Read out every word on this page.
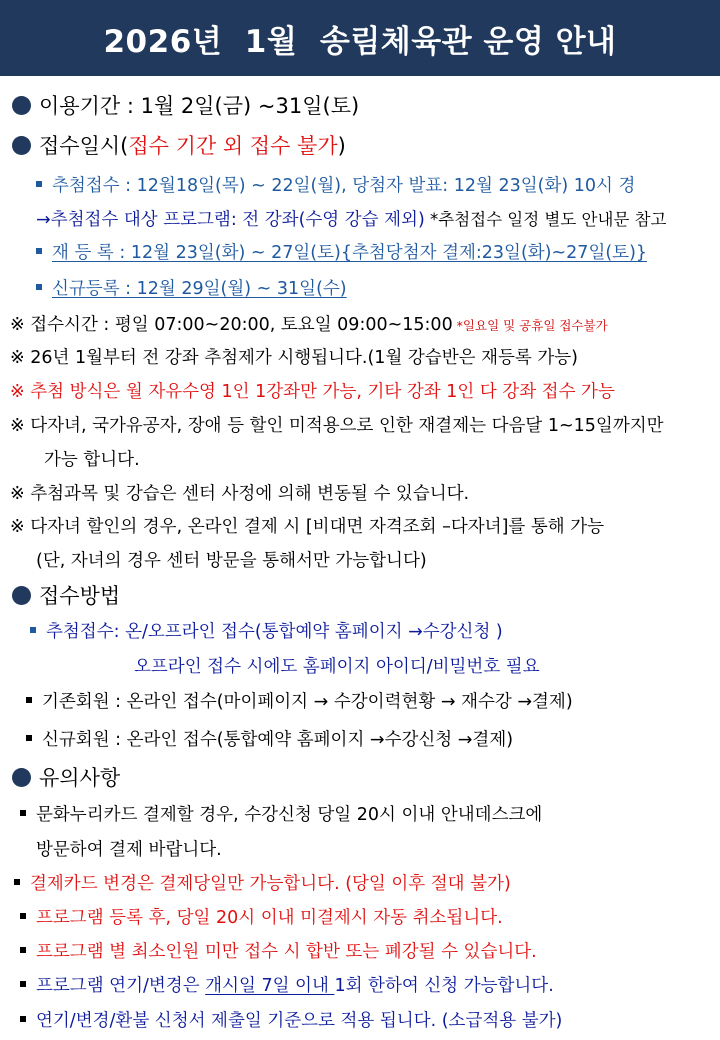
2026년  1월  송림체육관 운영 안내
이용기간 : 1월 2일(금) ~31일(토)
접수일시(접수 기간 외 접수 불가)
추첨접수 : 12월18일(목) ~ 22일(월), 당첨자 발표: 12월 23일(화) 10시 경
→추첨접수 대상 프로그램: 전 강좌(수영 강습 제외) *추첨접수 일정 별도 안내문 참고
재 등 록 : 12월 23일(화) ~ 27일(토){추첨당첨자 결제:23일(화)~27일(토)}
신규등록 : 12월 29일(월) ~ 31일(수)
※ 접수시간 : 평일 07:00~20:00, 토요일 09:00~15:00 *일요일 및 공휴일 접수불가
※ 26년 1월부터 전 강좌 추첨제가 시행됩니다.(1월 강습반은 재등록 가능)
※ 추첨 방식은 월 자유수영 1인 1강좌만 가능, 기타 강좌 1인 다 강좌 접수 가능
※ 다자녀, 국가유공자, 장애 등 할인 미적용으로 인한 재결제는 다음달 1~15일까지만
가능 합니다.
※ 추첨과목 및 강습은 센터 사정에 의해 변동될 수 있습니다.
※ 다자녀 할인의 경우, 온라인 결제 시 [비대면 자격조회 –다자녀]를 통해 가능
(단, 자녀의 경우 센터 방문을 통해서만 가능합니다)
접수방법
추첨접수: 온/오프라인 접수(통합예약 홈페이지 →수강신청 )
오프라인 접수 시에도 홈페이지 아이디/비밀번호 필요
기존회원 : 온라인 접수(마이페이지 → 수강이력현황 → 재수강 →결제)
신규회원 : 온라인 접수(통합예약 홈페이지 →수강신청 →결제)
유의사항
문화누리카드 결제할 경우, 수강신청 당일 20시 이내 안내데스크에
방문하여 결제 바랍니다.
결제카드 변경은 결제당일만 가능합니다. (당일 이후 절대 불가)
프로그램 등록 후, 당일 20시 이내 미결제시 자동 취소됩니다.
프로그램 별 최소인원 미만 접수 시 합반 또는 폐강될 수 있습니다.
프로그램 연기/변경은 개시일 7일 이내 1회 한하여 신청 가능합니다.
연기/변경/환불 신청서 제출일 기준으로 적용 됩니다. (소급적용 불가)
